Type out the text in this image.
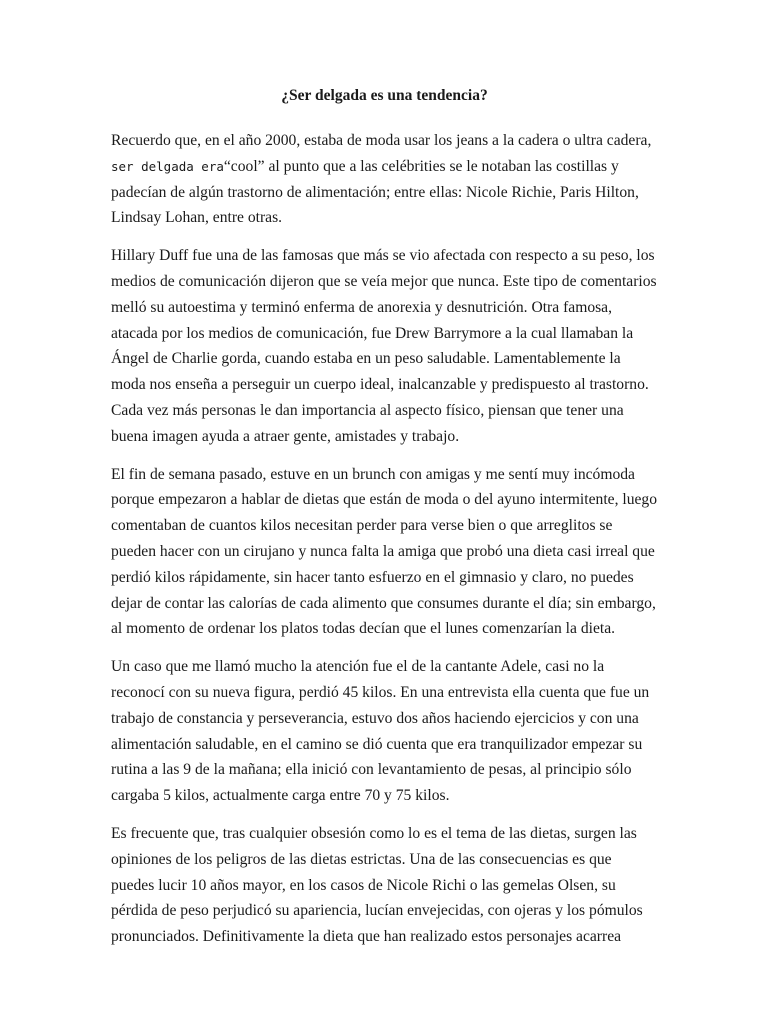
¿Ser delgada es una tendencia?

Recuerdo que, en el año 2000, estaba de moda usar los jeans a la cadera o ultra cadera,
ser delgada era“cool” al punto que a las celébrities se le notaban las costillas y padecían de algún trastorno de alimentación; entre ellas: Nicole Richie, Paris Hilton, Lindsay Lohan, entre otras.

Hillary Duff fue una de las famosas que más se vio afectada con respecto a su peso, los medios de comunicación dijeron que se veía mejor que nunca. Este tipo de comentarios melló su autoestima y terminó enferma de anorexia y desnutrición. Otra famosa, atacada por los medios de comunicación, fue Drew Barrymore a la cual llamaban la Ángel de Charlie gorda, cuando estaba en un peso saludable. Lamentablemente la moda nos enseña a perseguir un cuerpo ideal, inalcanzable y predispuesto al trastorno. Cada vez más personas le dan importancia al aspecto físico, piensan que tener una buena imagen ayuda a atraer gente, amistades y trabajo.

El fin de semana pasado, estuve en un brunch con amigas y me sentí muy incómoda porque empezaron a hablar de dietas que están de moda o del ayuno intermitente, luego comentaban de cuantos kilos necesitan perder para verse bien o que arreglitos se pueden hacer con un cirujano y nunca falta la amiga que probó una dieta casi irreal que perdió kilos rápidamente, sin hacer tanto esfuerzo en el gimnasio y claro, no puedes dejar de contar las calorías de cada alimento que consumes durante el día; sin embargo, al momento de ordenar los platos todas decían que el lunes comenzarían la dieta.

Un caso que me llamó mucho la atención fue el de la cantante Adele, casi no la reconocí con su nueva figura, perdió 45 kilos. En una entrevista ella cuenta que fue un trabajo de constancia y perseverancia, estuvo dos años haciendo ejercicios y con una alimentación saludable, en el camino se dió cuenta que era tranquilizador empezar su rutina a las 9 de la mañana; ella inició con levantamiento de pesas, al principio sólo cargaba 5 kilos, actualmente carga entre 70 y 75 kilos.

Es frecuente que, tras cualquier obsesión como lo es el tema de las dietas, surgen las opiniones de los peligros de las dietas estrictas. Una de las consecuencias es que puedes lucir 10 años mayor, en los casos de Nicole Richi o las gemelas Olsen, su pérdida de peso perjudicó su apariencia, lucían envejecidas, con ojeras y los pómulos pronunciados. Definitivamente la dieta que han realizado estos personajes acarrea
